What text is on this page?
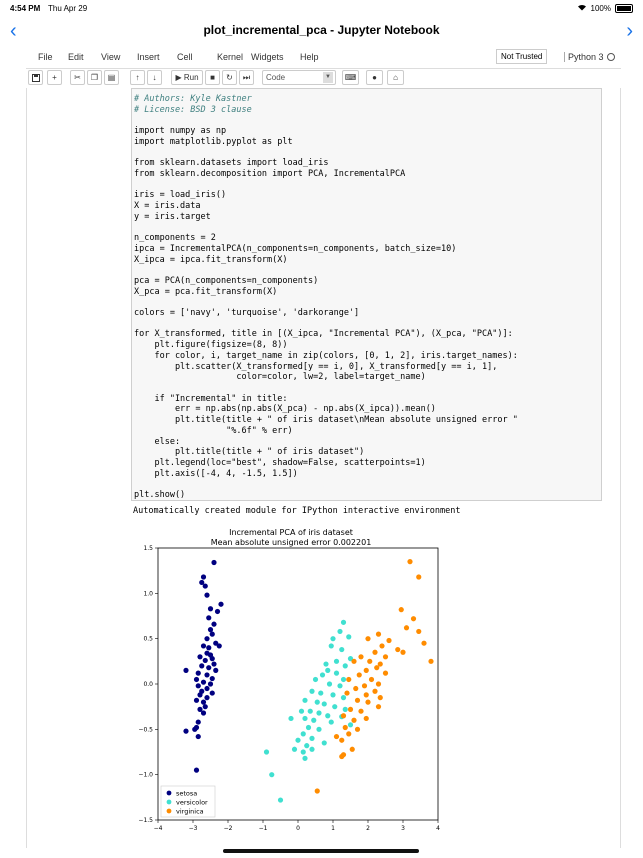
4:54 PM Thu Apr 29	100%
‹	plot_incremental_pca - Jupyter Notebook	›
File Edit View Insert Cell	Kernel Widgets Help	Not Trusted	Python 3
+ ✂ ❐ ▤	↑ ↓ ▶
Run ■ ↻ ⏭	Code	▼ ⌨ ● ⌂
# Authors: Kyle Kastner
# License: BSD 3 clause

import numpy as np
import matplotlib.pyplot as plt

from sklearn.datasets import load_iris
from sklearn.decomposition import PCA, IncrementalPCA

iris = load_iris()
X = iris.data
y = iris.target

n_components = 2
ipca = IncrementalPCA(n_components=n_components, batch_size=10)
X_ipca = ipca.fit_transform(X)

pca = PCA(n_components=n_components)
X_pca = pca.fit_transform(X)

colors = ['navy', 'turquoise', 'darkorange']

for X_transformed, title in [(X_ipca, "Incremental PCA"), (X_pca, "PCA")]:
plt.figure(figsize=(8, 8))
for color, i, target_name in zip(colors, [0, 1, 2], iris.target_names):
plt.scatter(X_transformed[y == i, 0], X_transformed[y == i, 1],
color=color, lw=2, label=target_name)

if "Incremental" in title:
err = np.abs(np.abs(X_pca) - np.abs(X_ipca)).mean()
plt.title(title + " of iris dataset\nMean absolute unsigned error "
"%.6f" % err)
else:
plt.title(title + " of iris dataset")
plt.legend(loc="best", shadow=False, scatterpoints=1)
plt.axis([-4, 4, -1.5, 1.5])

plt.show()
Automatically created module for IPython interactive environment
Incremental PCA of iris dataset
Mean absolute unsigned error 0.002201
−4	−3	−2	−1	0	1	2	3	4
1.5
1.0
0.5
0.0
−0.5
−1.0
−1.5
setosa
versicolor
virginica
